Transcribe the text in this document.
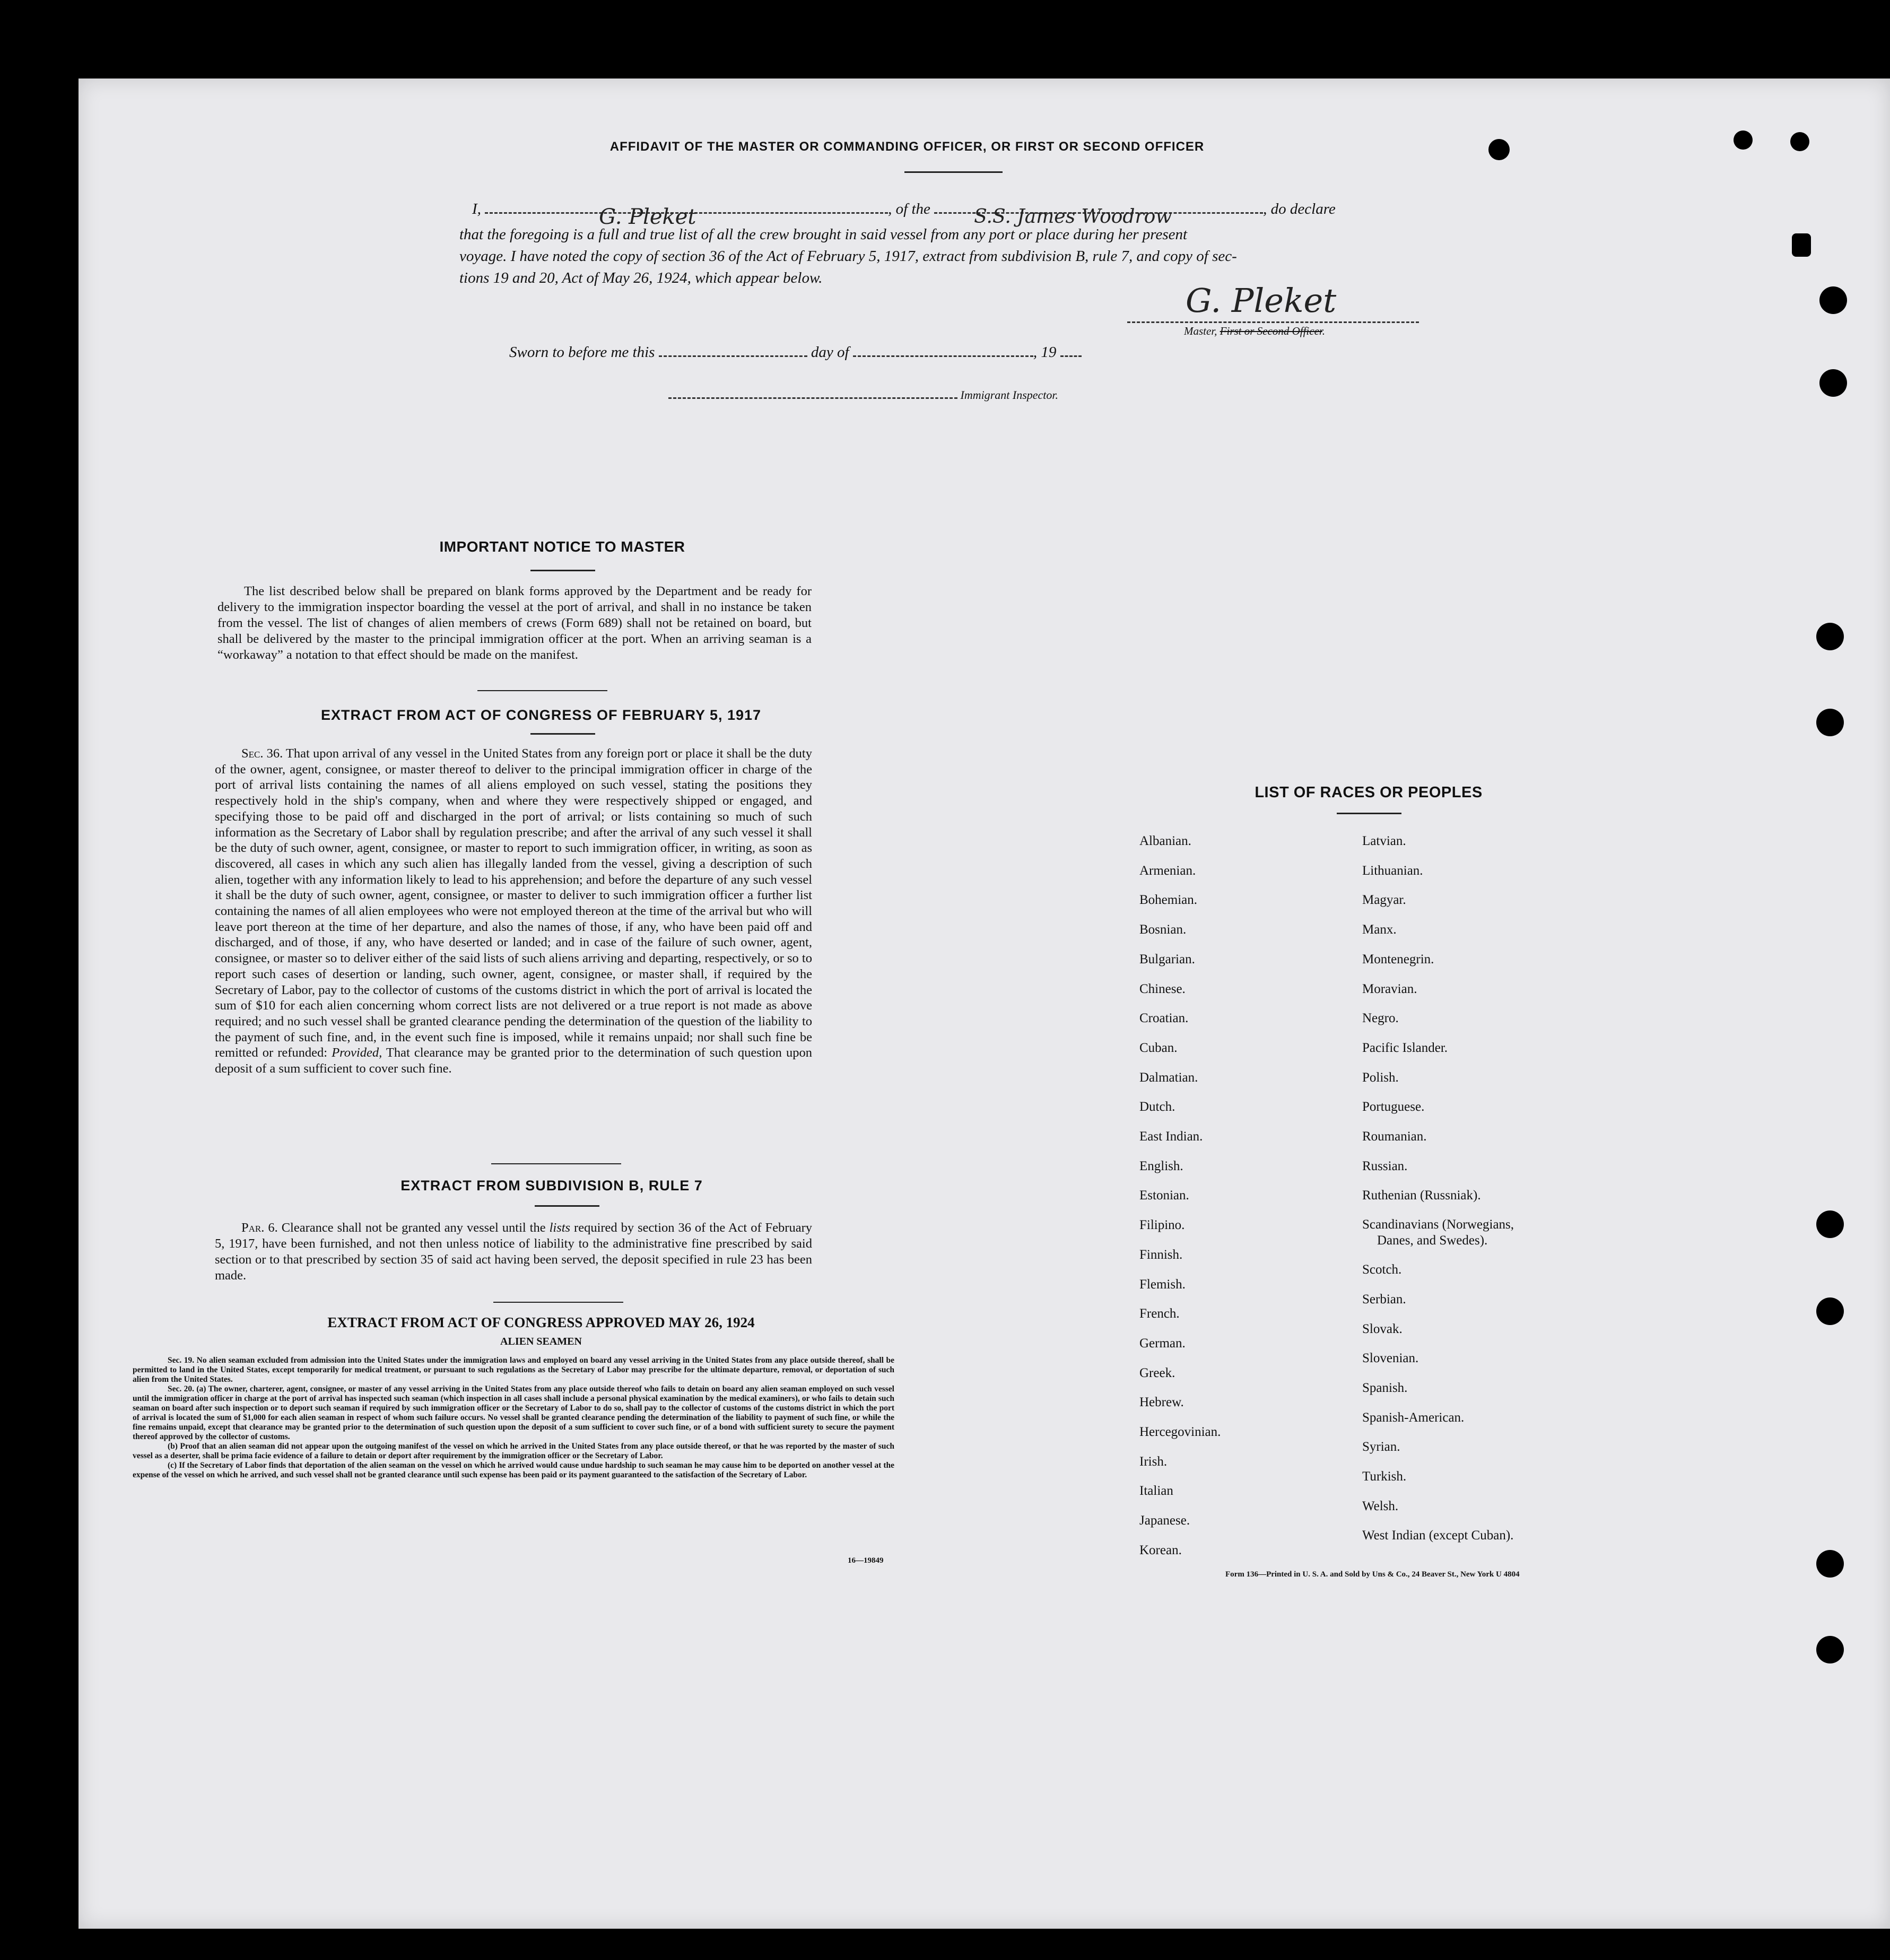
AFFIDAVIT OF THE MASTER OR COMMANDING OFFICER, OR FIRST OR SECOND OFFICER
I,	G. Pleket	, of the S.S. James Woodrow	, do declare
that the foregoing is a full and true list of all the crew brought in said vessel from any port or place during her present
voyage. I have noted the copy of section 36 of the Act of February 5, 1917, extract from subdivision B, rule 7, and copy of sec-
tions 19 and 20, Act of May 26, 1924, which appear below.
G. Pleket
Master, First or Second Officer.
Sworn to before me this	day of	, 19
Immigrant Inspector.
IMPORTANT NOTICE TO MASTER

The list described below shall be prepared on blank forms approved by the Department and be ready for delivery to the immigration inspector boarding the vessel at the port of arrival, and shall in no instance be taken from the vessel. The list of changes of alien members of crews (Form 689) shall not be retained on board, but shall be delivered by the master to the principal immigration officer at the port. When an arriving seaman is a “workaway” a notation to that effect should be made on the manifest.

EXTRACT FROM ACT OF CONGRESS OF FEBRUARY 5, 1917

Sec. 36. That upon arrival of any vessel in the United States from any foreign port or place it shall be the duty of the owner, agent, consignee, or master thereof to deliver to the principal immigration officer in charge of the port of arrival lists containing the names of all aliens employed on such vessel, stating the positions they respectively hold in the ship's company, when and where they were respectively shipped or engaged, and specifying those to be paid off and discharged in the port of arrival; or lists containing so much of such information as the Secretary of Labor shall by regulation prescribe; and after the arrival of any such vessel it shall be the duty of such owner, agent, consignee, or master to report to such immigration officer, in writing, as soon as discovered, all cases in which any such alien has illegally landed from the vessel, giving a description of such alien, together with any information likely to lead to his apprehension; and before the departure of any such vessel it shall be the duty of such owner, agent, consignee, or master to deliver to such immigration officer a further list containing the names of all alien employees who were not employed thereon at the time of the arrival but who will leave port thereon at the time of her departure, and also the names of those, if any, who have been paid off and discharged, and of those, if any, who have deserted or landed; and in case of the failure of such owner, agent, consignee, or master so to deliver either of the said lists of such aliens arriving and departing, respectively, or so to report such cases of desertion or landing, such owner, agent, consignee, or master shall, if required by the Secretary of Labor, pay to the collector of customs of the customs district in which the port of arrival is located the sum of $10 for each alien concerning whom correct lists are not delivered or a true report is not made as above required; and no such vessel shall be granted clearance pending the determination of the question of the liability to the payment of such fine, and, in the event such fine is imposed, while it remains unpaid; nor shall such fine be remitted or refunded: Provided, That clearance may be granted prior to the determination of such question upon deposit of a sum sufficient to cover such fine.

EXTRACT FROM SUBDIVISION B, RULE 7

Par. 6. Clearance shall not be granted any vessel until the lists required by section 36 of the Act of February 5, 1917, have been furnished, and not then unless notice of liability to the administrative fine prescribed by said section or to that prescribed by section 35 of said act having been served, the deposit specified in rule 23 has been made.

EXTRACT FROM ACT OF CONGRESS APPROVED MAY 26, 1924
ALIEN SEAMEN

Sec. 19. No alien seaman excluded from admission into the United States under the immigration laws and employed on board any vessel arriving in the United States from any place outside thereof, shall be permitted to land in the United States, except temporarily for medical treatment, or pursuant to such regulations as the Secretary of Labor may prescribe for the ultimate departure, removal, or deportation of such alien from the United States.

Sec. 20. (a) The owner, charterer, agent, consignee, or master of any vessel arriving in the United States from any place outside thereof who fails to detain on board any alien seaman employed on such vessel until the immigration officer in charge at the port of arrival has inspected such seaman (which inspection in all cases shall include a personal physical examination by the medical examiners), or who fails to detain such seaman on board after such inspection or to deport such seaman if required by such immigration officer or the Secretary of Labor to do so, shall pay to the collector of customs of the customs district in which the port of arrival is located the sum of $1,000 for each alien seaman in respect of whom such failure occurs. No vessel shall be granted clearance pending the determination of the liability to payment of such fine, or while the fine remains unpaid, except that clearance may be granted prior to the determination of such question upon the deposit of a sum sufficient to cover such fine, or of a bond with sufficient surety to secure the payment thereof approved by the collector of customs.

(b) Proof that an alien seaman did not appear upon the outgoing manifest of the vessel on which he arrived in the United States from any place outside thereof, or that he was reported by the master of such vessel as a deserter, shall be prima facie evidence of a failure to detain or deport after requirement by the immigration officer or the Secretary of Labor.

(c) If the Secretary of Labor finds that deportation of the alien seaman on the vessel on which he arrived would cause undue hardship to such seaman he may cause him to be deported on another vessel at the expense of the vessel on which he arrived, and such vessel shall not be granted clearance until such expense has been paid or its payment guaranteed to the satisfaction of the Secretary of Labor.

16—19849
LIST OF RACES OR PEOPLES
Albanian.
Armenian.
Bohemian.
Bosnian.
Bulgarian.
Chinese.
Croatian.
Cuban.
Dalmatian.
Dutch.
East Indian.
English.
Estonian.
Filipino.
Finnish.
Flemish.
French.
German.
Greek.
Hebrew.
Hercegovinian.
Irish.
Italian
Japanese.
Korean.
Latvian.
Lithuanian.
Magyar.
Manx.
Montenegrin.
Moravian.
Negro.
Pacific Islander.
Polish.
Portuguese.
Roumanian.
Russian.
Ruthenian (Russniak).
Scandinavians (Norwegians,
Danes, and Swedes).
Scotch.
Serbian.
Slovak.
Slovenian.
Spanish.
Spanish-American.
Syrian.
Turkish.
Welsh.
West Indian (except Cuban).
Form 136—Printed in U. S. A. and Sold by Uns & Co., 24 Beaver St., New York U 4804
